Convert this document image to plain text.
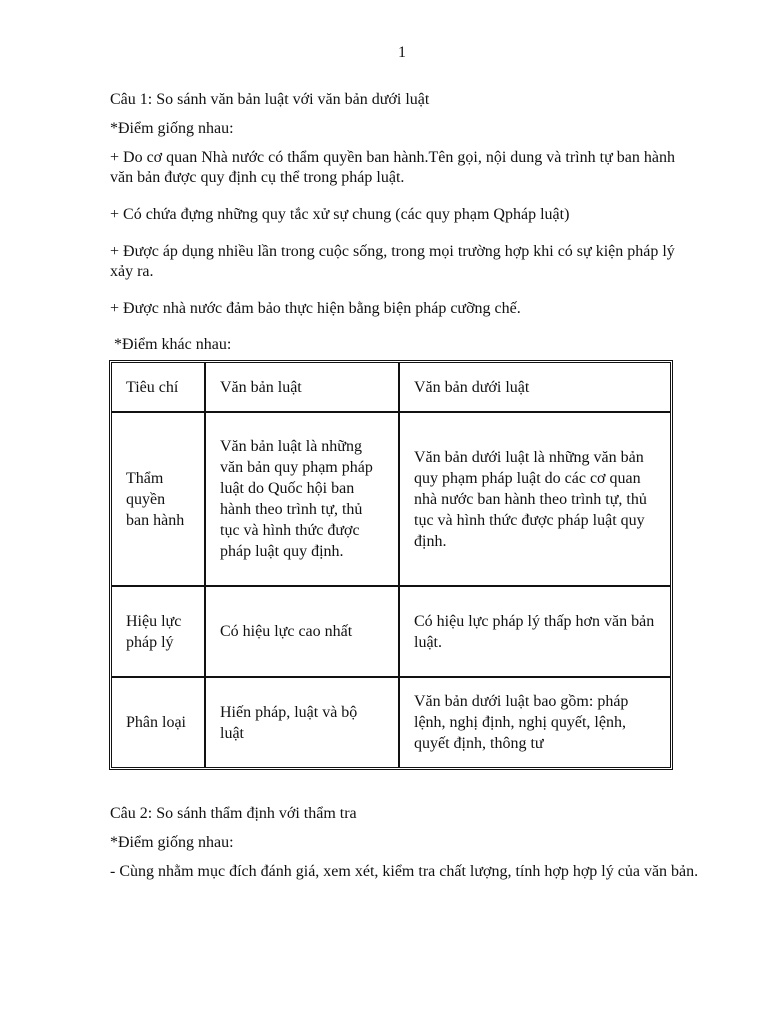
1

Câu 1: So sánh văn bản luật với văn bản dưới luật

*Điểm giống nhau:

+ Do cơ quan Nhà nước có thẩm quyền ban hành.Tên gọi, nội dung và trình tự ban hành văn bản được quy định cụ thể trong pháp luật.

+ Có chứa đựng những quy tắc xử sự chung (các quy phạm Qpháp luật)

+ Được áp dụng nhiều lần trong cuộc sống, trong mọi trường hợp khi có sự kiện pháp lý xảy ra.

+ Được nhà nước đảm bảo thực hiện bằng biện pháp cưỡng chế.

*Điểm khác nhau:

Tiêu chí	Văn bản luật	Văn bản dưới luật
Thẩm quyền ban hành	Văn bản luật là những văn bản quy phạm pháp luật do Quốc hội ban hành theo trình tự, thủ tục và hình thức được pháp luật quy định.	Văn bản dưới luật là những văn bản quy phạm pháp luật do các cơ quan nhà nước ban hành theo trình tự, thủ tục và hình thức được pháp luật quy định.
Hiệu lực pháp lý	Có hiệu lực cao nhất	Có hiệu lực pháp lý thấp hơn văn bản luật.
Phân loại	Hiến pháp, luật và bộ luật	Văn bản dưới luật bao gồm: pháp lệnh, nghị định, nghị quyết, lệnh, quyết định, thông tư

Câu 2: So sánh thẩm định với thẩm tra

*Điểm giống nhau:

- Cùng nhằm mục đích đánh giá, xem xét, kiểm tra chất lượng, tính hợp hợp lý của văn bản.
